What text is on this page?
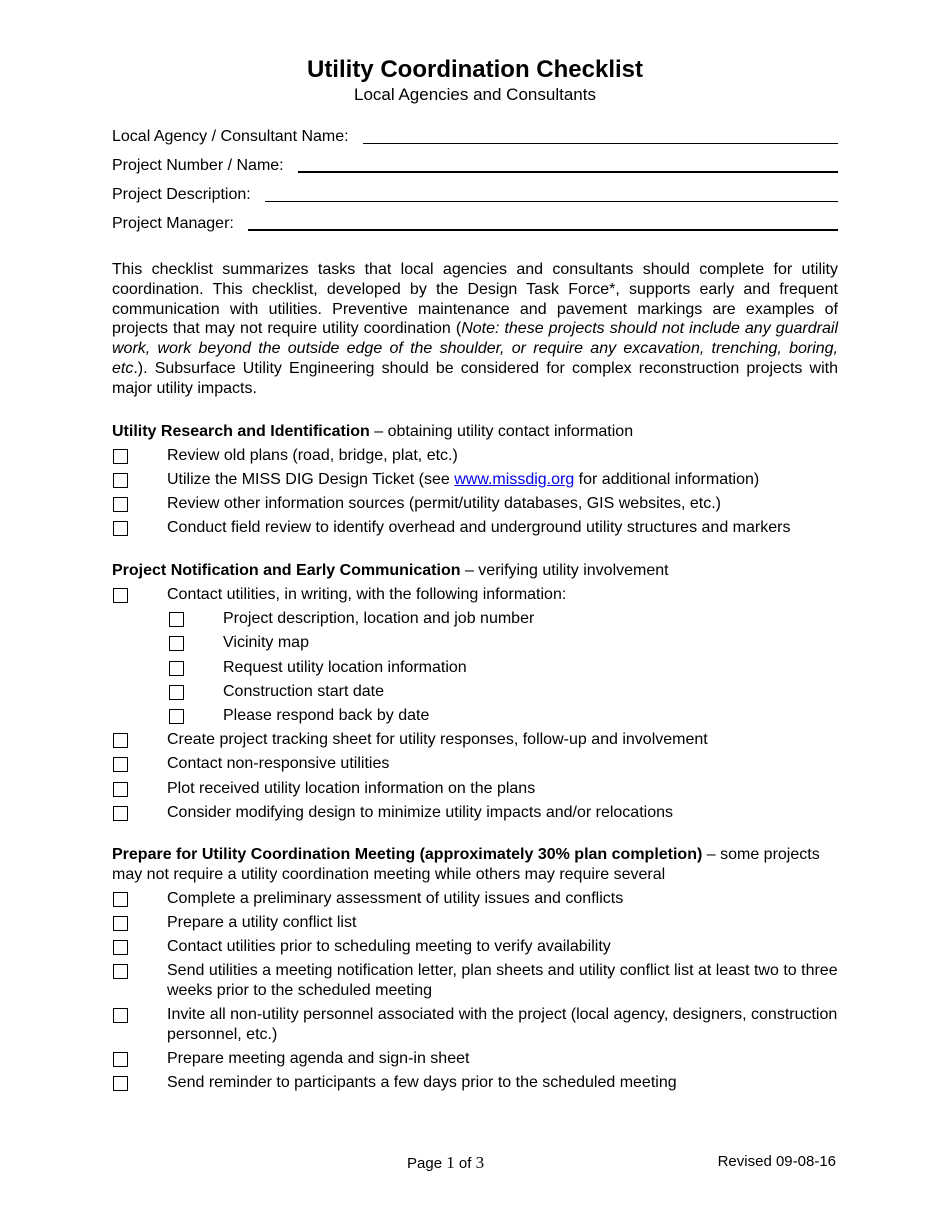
Utility Coordination Checklist
Local Agencies and Consultants
Local Agency / Consultant Name:
Project Number / Name:
Project Description:
Project Manager:
This checklist summarizes tasks that local agencies and consultants should complete for utility coordination. This checklist, developed by the Design Task Force*, supports early and frequent communication with utilities. Preventive maintenance and pavement markings are examples of projects that may not require utility coordination (Note: these projects should not include any guardrail work, work beyond the outside edge of the shoulder, or require any excavation, trenching, boring, etc.). Subsurface Utility Engineering should be considered for complex reconstruction projects with major utility impacts.
Utility Research and Identification – obtaining utility contact information
Review old plans (road, bridge, plat, etc.)
Utilize the MISS DIG Design Ticket (see www.missdig.org for additional information)
Review other information sources (permit/utility databases, GIS websites, etc.)
Conduct field review to identify overhead and underground utility structures and markers
Project Notification and Early Communication – verifying utility involvement
Contact utilities, in writing, with the following information:
Project description, location and job number
Vicinity map
Request utility location information
Construction start date
Please respond back by date
Create project tracking sheet for utility responses, follow-up and involvement
Contact non-responsive utilities
Plot received utility location information on the plans
Consider modifying design to minimize utility impacts and/or relocations
Prepare for Utility Coordination Meeting (approximately 30% plan completion) – some projects may not require a utility coordination meeting while others may require several
Complete a preliminary assessment of utility issues and conflicts
Prepare a utility conflict list
Contact utilities prior to scheduling meeting to verify availability
Send utilities a meeting notification letter, plan sheets and utility conflict list at least two to three weeks prior to the scheduled meeting
Invite all non-utility personnel associated with the project (local agency, designers, construction personnel, etc.)
Prepare meeting agenda and sign-in sheet
Send reminder to participants a few days prior to the scheduled meeting
Page 1 of 3	Revised 09-08-16
